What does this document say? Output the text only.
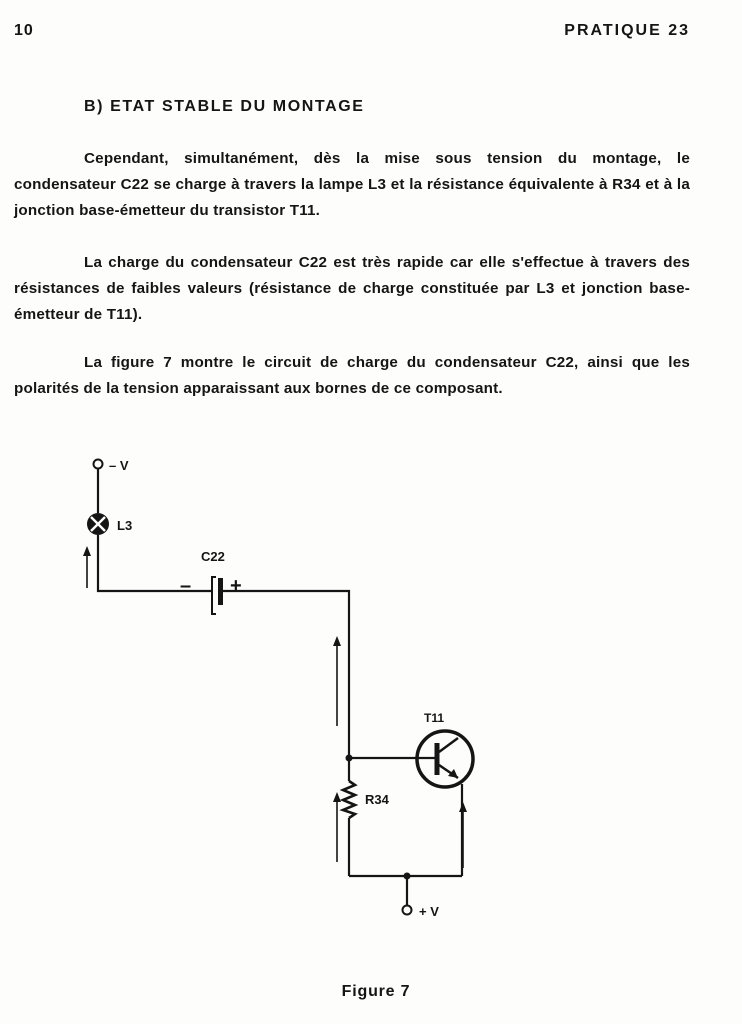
10	PRATIQUE 23
B) ETAT STABLE DU MONTAGE

Cependant, simultanément, dès la mise sous tension du montage, le condensateur C22 se charge à travers la lampe L3 et la résistance équivalente à R34 et à la jonction base-émetteur du transistor T11.

La charge du condensateur C22 est très rapide car elle s'effectue à travers des résistances de faibles valeurs (résistance de charge constituée par L3 et jonction base-émetteur de T11).

La figure 7 montre le circuit de charge du condensateur C22, ainsi que les polarités de la tension apparaissant aux bornes de ce composant.

– V
L3
C22
– +
R34
T11
+ V
Figure 7
